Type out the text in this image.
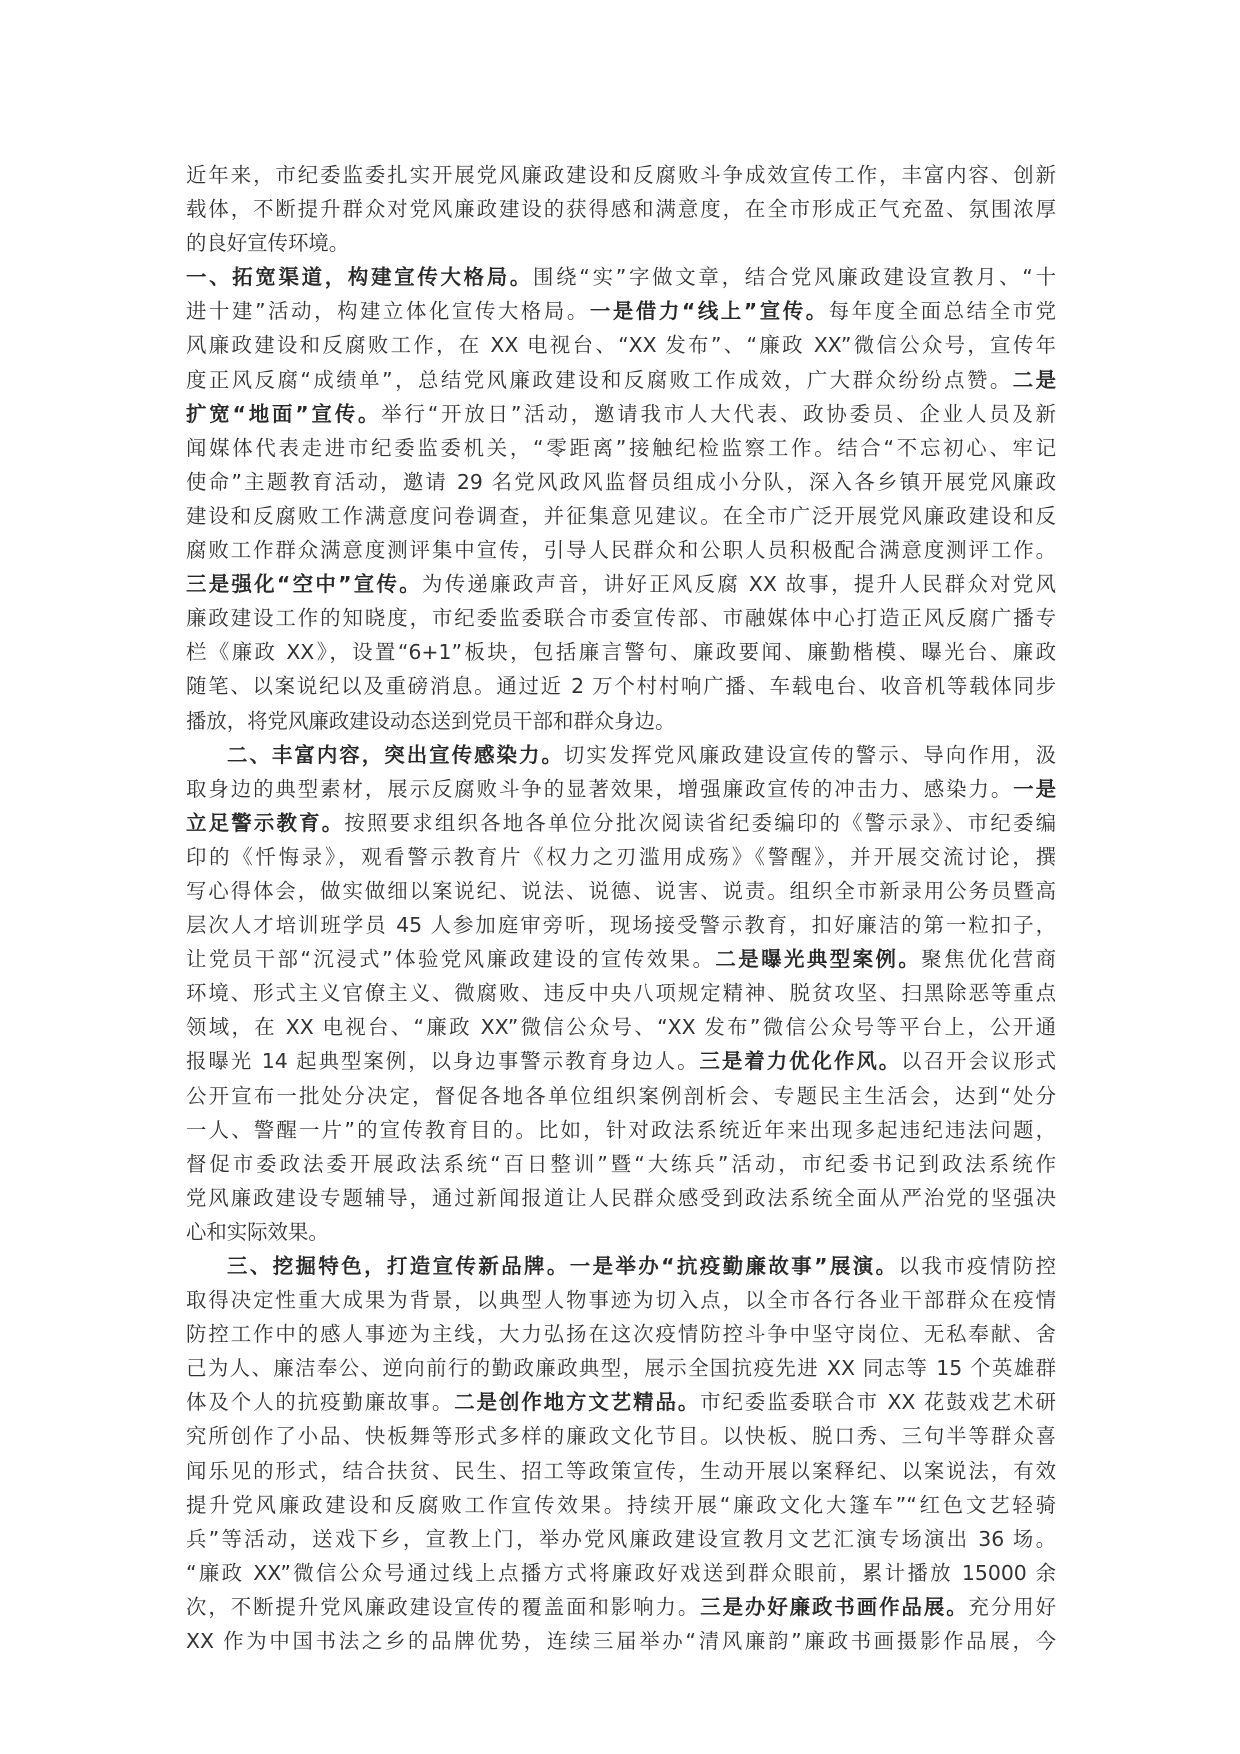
近年来，市纪委监委扎实开展党风廉政建设和反腐败斗争成效宣传工作，丰富内容、创新
载体，不断提升群众对党风廉政建设的获得感和满意度，在全市形成正气充盈、氛围浓厚
的良好宣传环境。
一、拓宽渠道，构建宣传大格局。围绕“实”字做文章，结合党风廉政建设宣教月、“十
进十建”活动，构建立体化宣传大格局。一是借力“线上”宣传。每年度全面总结全市党
风廉政建设和反腐败工作，在 XX 电视台、“XX 发布”、“廉政 XX”微信公众号，宣传年
度正风反腐“成绩单”，总结党风廉政建设和反腐败工作成效，广大群众纷纷点赞。二是
扩宽“地面”宣传。举行“开放日”活动，邀请我市人大代表、政协委员、企业人员及新
闻媒体代表走进市纪委监委机关，“零距离”接触纪检监察工作。结合“不忘初心、牢记
使命”主题教育活动，邀请 29 名党风政风监督员组成小分队，深入各乡镇开展党风廉政
建设和反腐败工作满意度问卷调查，并征集意见建议。在全市广泛开展党风廉政建设和反
腐败工作群众满意度测评集中宣传，引导人民群众和公职人员积极配合满意度测评工作。
三是强化“空中”宣传。为传递廉政声音，讲好正风反腐 XX 故事，提升人民群众对党风
廉政建设工作的知晓度，市纪委监委联合市委宣传部、市融媒体中心打造正风反腐广播专
栏《廉政 XX》，设置“6+1”板块，包括廉言警句、廉政要闻、廉勤楷模、曝光台、廉政
随笔、以案说纪以及重磅消息。通过近 2 万个村村响广播、车载电台、收音机等载体同步
播放，将党风廉政建设动态送到党员干部和群众身边。
二、丰富内容，突出宣传感染力。切实发挥党风廉政建设宣传的警示、导向作用，汲
取身边的典型素材，展示反腐败斗争的显著效果，增强廉政宣传的冲击力、感染力。一是
立足警示教育。按照要求组织各地各单位分批次阅读省纪委编印的《警示录》、市纪委编
印的《忏悔录》，观看警示教育片《权力之刃滥用成殇》《警醒》，并开展交流讨论，撰
写心得体会，做实做细以案说纪、说法、说德、说害、说责。组织全市新录用公务员暨高
层次人才培训班学员 45 人参加庭审旁听，现场接受警示教育，扣好廉洁的第一粒扣子，
让党员干部“沉浸式”体验党风廉政建设的宣传效果。二是曝光典型案例。聚焦优化营商
环境、形式主义官僚主义、微腐败、违反中央八项规定精神、脱贫攻坚、扫黑除恶等重点
领域，在 XX 电视台、“廉政 XX”微信公众号、“XX 发布”微信公众号等平台上，公开通
报曝光 14 起典型案例，以身边事警示教育身边人。三是着力优化作风。以召开会议形式
公开宣布一批处分决定，督促各地各单位组织案例剖析会、专题民主生活会，达到“处分
一人、警醒一片”的宣传教育目的。比如，针对政法系统近年来出现多起违纪违法问题，
督促市委政法委开展政法系统“百日整训”暨“大练兵”活动，市纪委书记到政法系统作
党风廉政建设专题辅导，通过新闻报道让人民群众感受到政法系统全面从严治党的坚强决
心和实际效果。
三、挖掘特色，打造宣传新品牌。一是举办“抗疫勤廉故事”展演。以我市疫情防控
取得决定性重大成果为背景，以典型人物事迹为切入点，以全市各行各业干部群众在疫情
防控工作中的感人事迹为主线，大力弘扬在这次疫情防控斗争中坚守岗位、无私奉献、舍
己为人、廉洁奉公、逆向前行的勤政廉政典型，展示全国抗疫先进 XX 同志等 15 个英雄群
体及个人的抗疫勤廉故事。二是创作地方文艺精品。市纪委监委联合市 XX 花鼓戏艺术研
究所创作了小品、快板舞等形式多样的廉政文化节目。以快板、脱口秀、三句半等群众喜
闻乐见的形式，结合扶贫、民生、招工等政策宣传，生动开展以案释纪、以案说法，有效
提升党风廉政建设和反腐败工作宣传效果。持续开展“廉政文化大篷车”“红色文艺轻骑
兵”等活动，送戏下乡，宣教上门，举办党风廉政建设宣教月文艺汇演专场演出 36 场。
“廉政 XX”微信公众号通过线上点播方式将廉政好戏送到群众眼前，累计播放 15000 余
次，不断提升党风廉政建设宣传的覆盖面和影响力。三是办好廉政书画作品展。充分用好
XX 作为中国书法之乡的品牌优势，连续三届举办“清风廉韵”廉政书画摄影作品展，今
